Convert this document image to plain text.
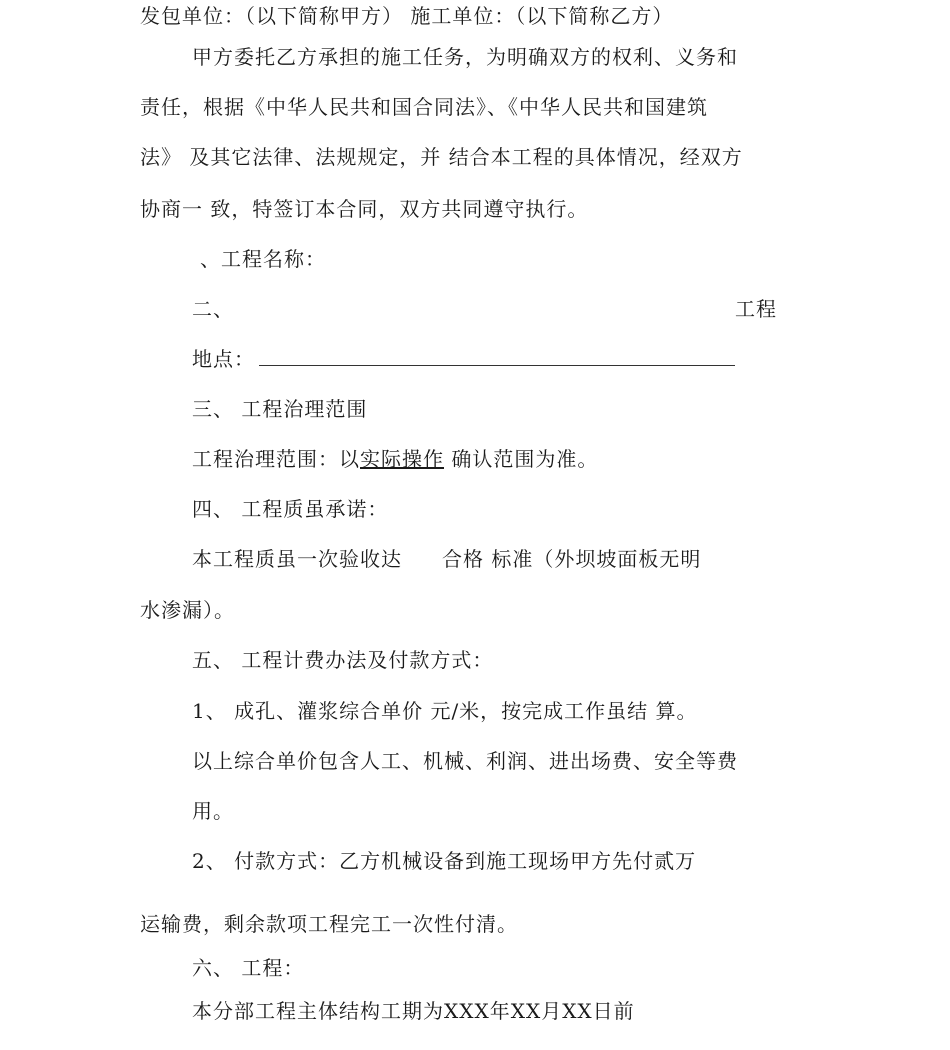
发包单位：（以下简称甲方） 施工单位：（以下简称乙方）
甲方委托乙方承担的施工任务，为明确双方的权利、义务和
责任，根据《中华人民共和国合同法》、《中华人民共和国建筑
法》 及其它法律、法规规定，并 结合本工程的具体情况，经双方
协商一 致，特签订本合同，双方共同遵守执行。
、工程名称：
二、	工程
地点：
三、 工程治理范围
工程治理范围：以实际操作 确认范围为准。
四、 工程质虽承诺：
本工程质虽一次验收达 合格 标准（外坝坡面板无明
水渗漏）。
五、 工程计费办法及付款方式：
1、 成孔、灌浆综合单价 元/米，按完成工作虽结 算。
以上综合单价包含人工、机械、利润、进出场费、安全等费
用。
2、 付款方式：乙方机械设备到施工现场甲方先付贰万
运输费，剩余款项工程完工一次性付清。
六、 工程：
本分部工程主体结构工期为XXX年XX月XX日前
